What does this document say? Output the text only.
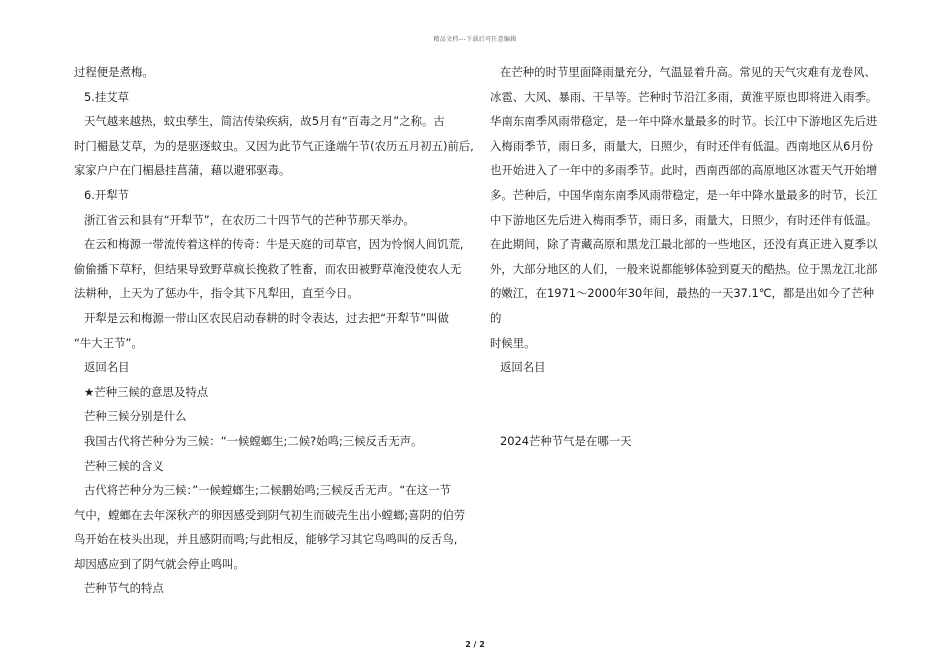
精品文档---下载后可任意编辑

过程便是煮梅。

5.挂艾草

天气越来越热，蚊虫孳生，简洁传染疾病，故5月有“百毒之月”之称。古

时门楣悬艾草，为的是驱逐蚊虫。又因为此节气正逢端午节(农历五月初五)前后,

家家户户在门楣悬挂菖蒲，藉以避邪驱毒。

6.开犁节

浙江省云和县有“开犁节”，在农历二十四节气的芒种节那天举办。

在云和梅源一带流传着这样的传奇：牛是天庭的司草官，因为怜悯人间饥荒,

偷偷播下草籽，但结果导致野草疯长挽救了牲畜，而农田被野草淹没使农人无

法耕种，上天为了惩办牛，指令其下凡犁田，直至今日。

开犁是云和梅源一带山区农民启动春耕的时令表达，过去把“开犁节”叫做

“牛大王节”。

返回名目

★芒种三候的意思及特点

芒种三候分别是什么

我国古代将芒种分为三候：“一候螳螂生;二候?始鸣;三候反舌无声。

芒种三候的含义

古代将芒种分为三候：”一候螳螂生;二候鹏始鸣;三候反舌无声。“在这一节

气中，螳螂在去年深秋产的卵因感受到阴气初生而破壳生出小螳螂;喜阴的伯劳

鸟开始在枝头出现，并且感阴而鸣;与此相反，能够学习其它鸟鸣叫的反舌鸟,

却因感应到了阴气就会停止鸣叫。

芒种节气的特点

在芒种的时节里面降雨量充分，气温显着升高。常见的天气灾难有龙卷风、

冰雹、大风、暴雨、干旱等。芒种时节沿江多雨，黄淮平原也即将进入雨季。

华南东南季风雨带稳定，是一年中降水量最多的时节。长江中下游地区先后进

入梅雨季节，雨日多，雨量大，日照少，有时还伴有低温。西南地区从6月份

也开始进入了一年中的多雨季节。此时，西南西部的高原地区冰雹天气开始增

多。芒种后，中国华南东南季风雨带稳定，是一年中降水量最多的时节，长江

中下游地区先后进入梅雨季节，雨日多，雨量大，日照少，有时还伴有低温。

在此期间，除了青藏高原和黑龙江最北部的一些地区，还没有真正进入夏季以

外，大部分地区的人们，一般来说都能够体验到夏天的酷热。位于黑龙江北部

的嫩江，在1971～2000年30年间，最热的一天37.1℃，都是出如今了芒种的

时候里。

返回名目

2024芒种节气是在哪一天

2 / 2
